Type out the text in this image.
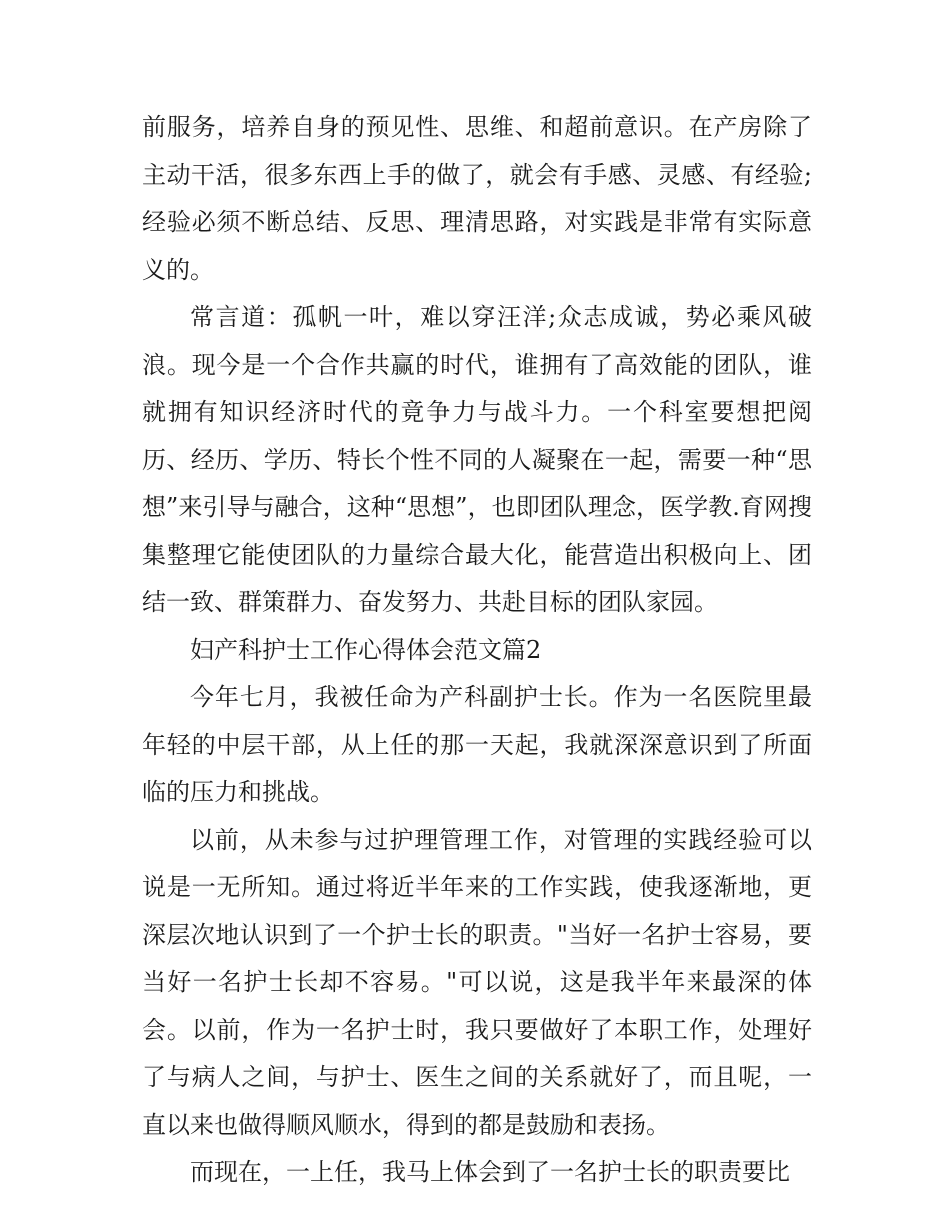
前服务，培养自身的预见性、思维、和超前意识。在产房除了主动干活，很多东西上手的做了，就会有手感、灵感、有经验;经验必须不断总结、反思、理清思路，对实践是非常有实际意义的。

常言道：孤帆一叶，难以穿汪洋;众志成诚，势必乘风破浪。现今是一个合作共赢的时代，谁拥有了高效能的团队，谁就拥有知识经济时代的竟争力与战斗力。一个科室要想把阅历、经历、学历、特长个性不同的人凝聚在一起，需要一种“思想”来引导与融合，这种“思想”，也即团队理念，医学教.育网搜集整理它能使团队的力量综合最大化，能营造出积极向上、团结一致、群策群力、奋发努力、共赴目标的团队家园。

妇产科护士工作心得体会范文篇2

今年七月，我被任命为产科副护士长。作为一名医院里最年轻的中层干部，从上任的那一天起，我就深深意识到了所面临的压力和挑战。

以前，从未参与过护理管理工作，对管理的实践经验可以说是一无所知。通过将近半年来的工作实践，使我逐渐地，更深层次地认识到了一个护士长的职责。"当好一名护士容易，要当好一名护士长却不容易。"可以说，这是我半年来最深的体会。以前，作为一名护士时，我只要做好了本职工作，处理好了与病人之间，与护士、医生之间的关系就好了，而且呢，一直以来也做得顺风顺水，得到的都是鼓励和表扬。

而现在，一上任，我马上体会到了一名护士长的职责要比
